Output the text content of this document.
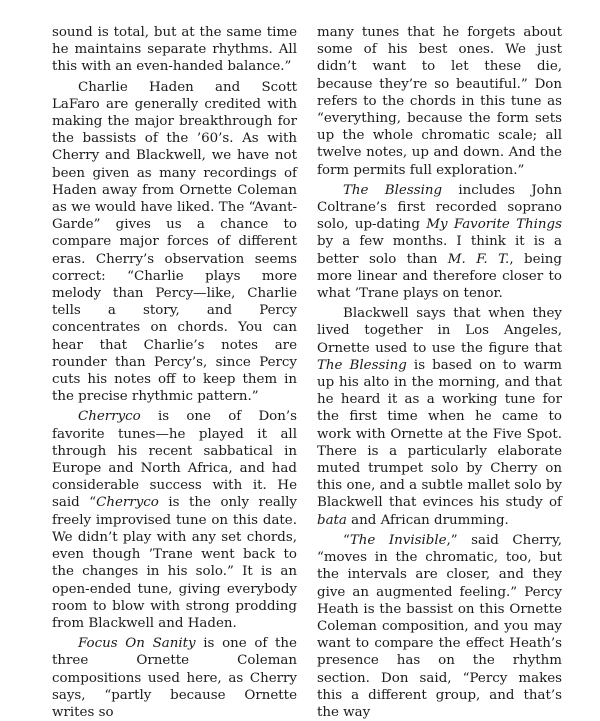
sound is total, but at the same time he maintains separate rhythms. All this with an even-handed balance.”

Charlie Haden and Scott LaFaro are generally credited with making the major breakthrough for the bassists of the ’60’s. As with Cherry and Blackwell, we have not been given as many recordings of Haden away from Ornette Coleman as we would have liked. The “Avant-Garde” gives us a chance to compare major forces of different eras. Cherry’s observation seems correct: “Charlie plays more melody than Percy—like, Charlie tells a story, and Percy concentrates on chords. You can hear that Charlie’s notes are rounder than Percy’s, since Percy cuts his notes off to keep them in the precise rhythmic pattern.”

Cherryco is one of Don’s favorite tunes—he played it all through his recent sabbatical in Europe and North Africa, and had considerable success with it. He said “Cherryco is the only really freely improvised tune on this date. We didn’t play with any set chords, even though ’Trane went back to the changes in his solo.” It is an open-ended tune, giving everybody room to blow with strong prodding from Blackwell and Haden.

Focus On Sanity is one of the three Ornette Coleman compositions used here, as Cherry says, “partly because Ornette writes so

many tunes that he forgets about some of his best ones. We just didn’t want to let these die, because they’re so beautiful.” Don refers to the chords in this tune as “everything, because the form sets up the whole chromatic scale; all twelve notes, up and down. And the form permits full exploration.”

The Blessing includes John Coltrane’s first recorded soprano solo, up-dating My Favorite Things by a few months. I think it is a better solo than M. F. T., being more linear and therefore closer to what ’Trane plays on tenor.

Blackwell says that when they lived together in Los Angeles, Ornette used to use the figure that The Blessing is based on to warm up his alto in the morning, and that he heard it as a working tune for the first time when he came to work with Ornette at the Five Spot. There is a particularly elaborate muted trumpet solo by Cherry on this one, and a subtle mallet solo by Blackwell that evinces his study of bata and African drumming.

“The Invisible,” said Cherry, “moves in the chromatic, too, but the intervals are closer, and they give an augmented feeling.” Percy Heath is the bassist on this Ornette Coleman composition, and you may want to compare the effect Heath’s presence has on the rhythm section. Don said, “Percy makes this a different group, and that’s the way
